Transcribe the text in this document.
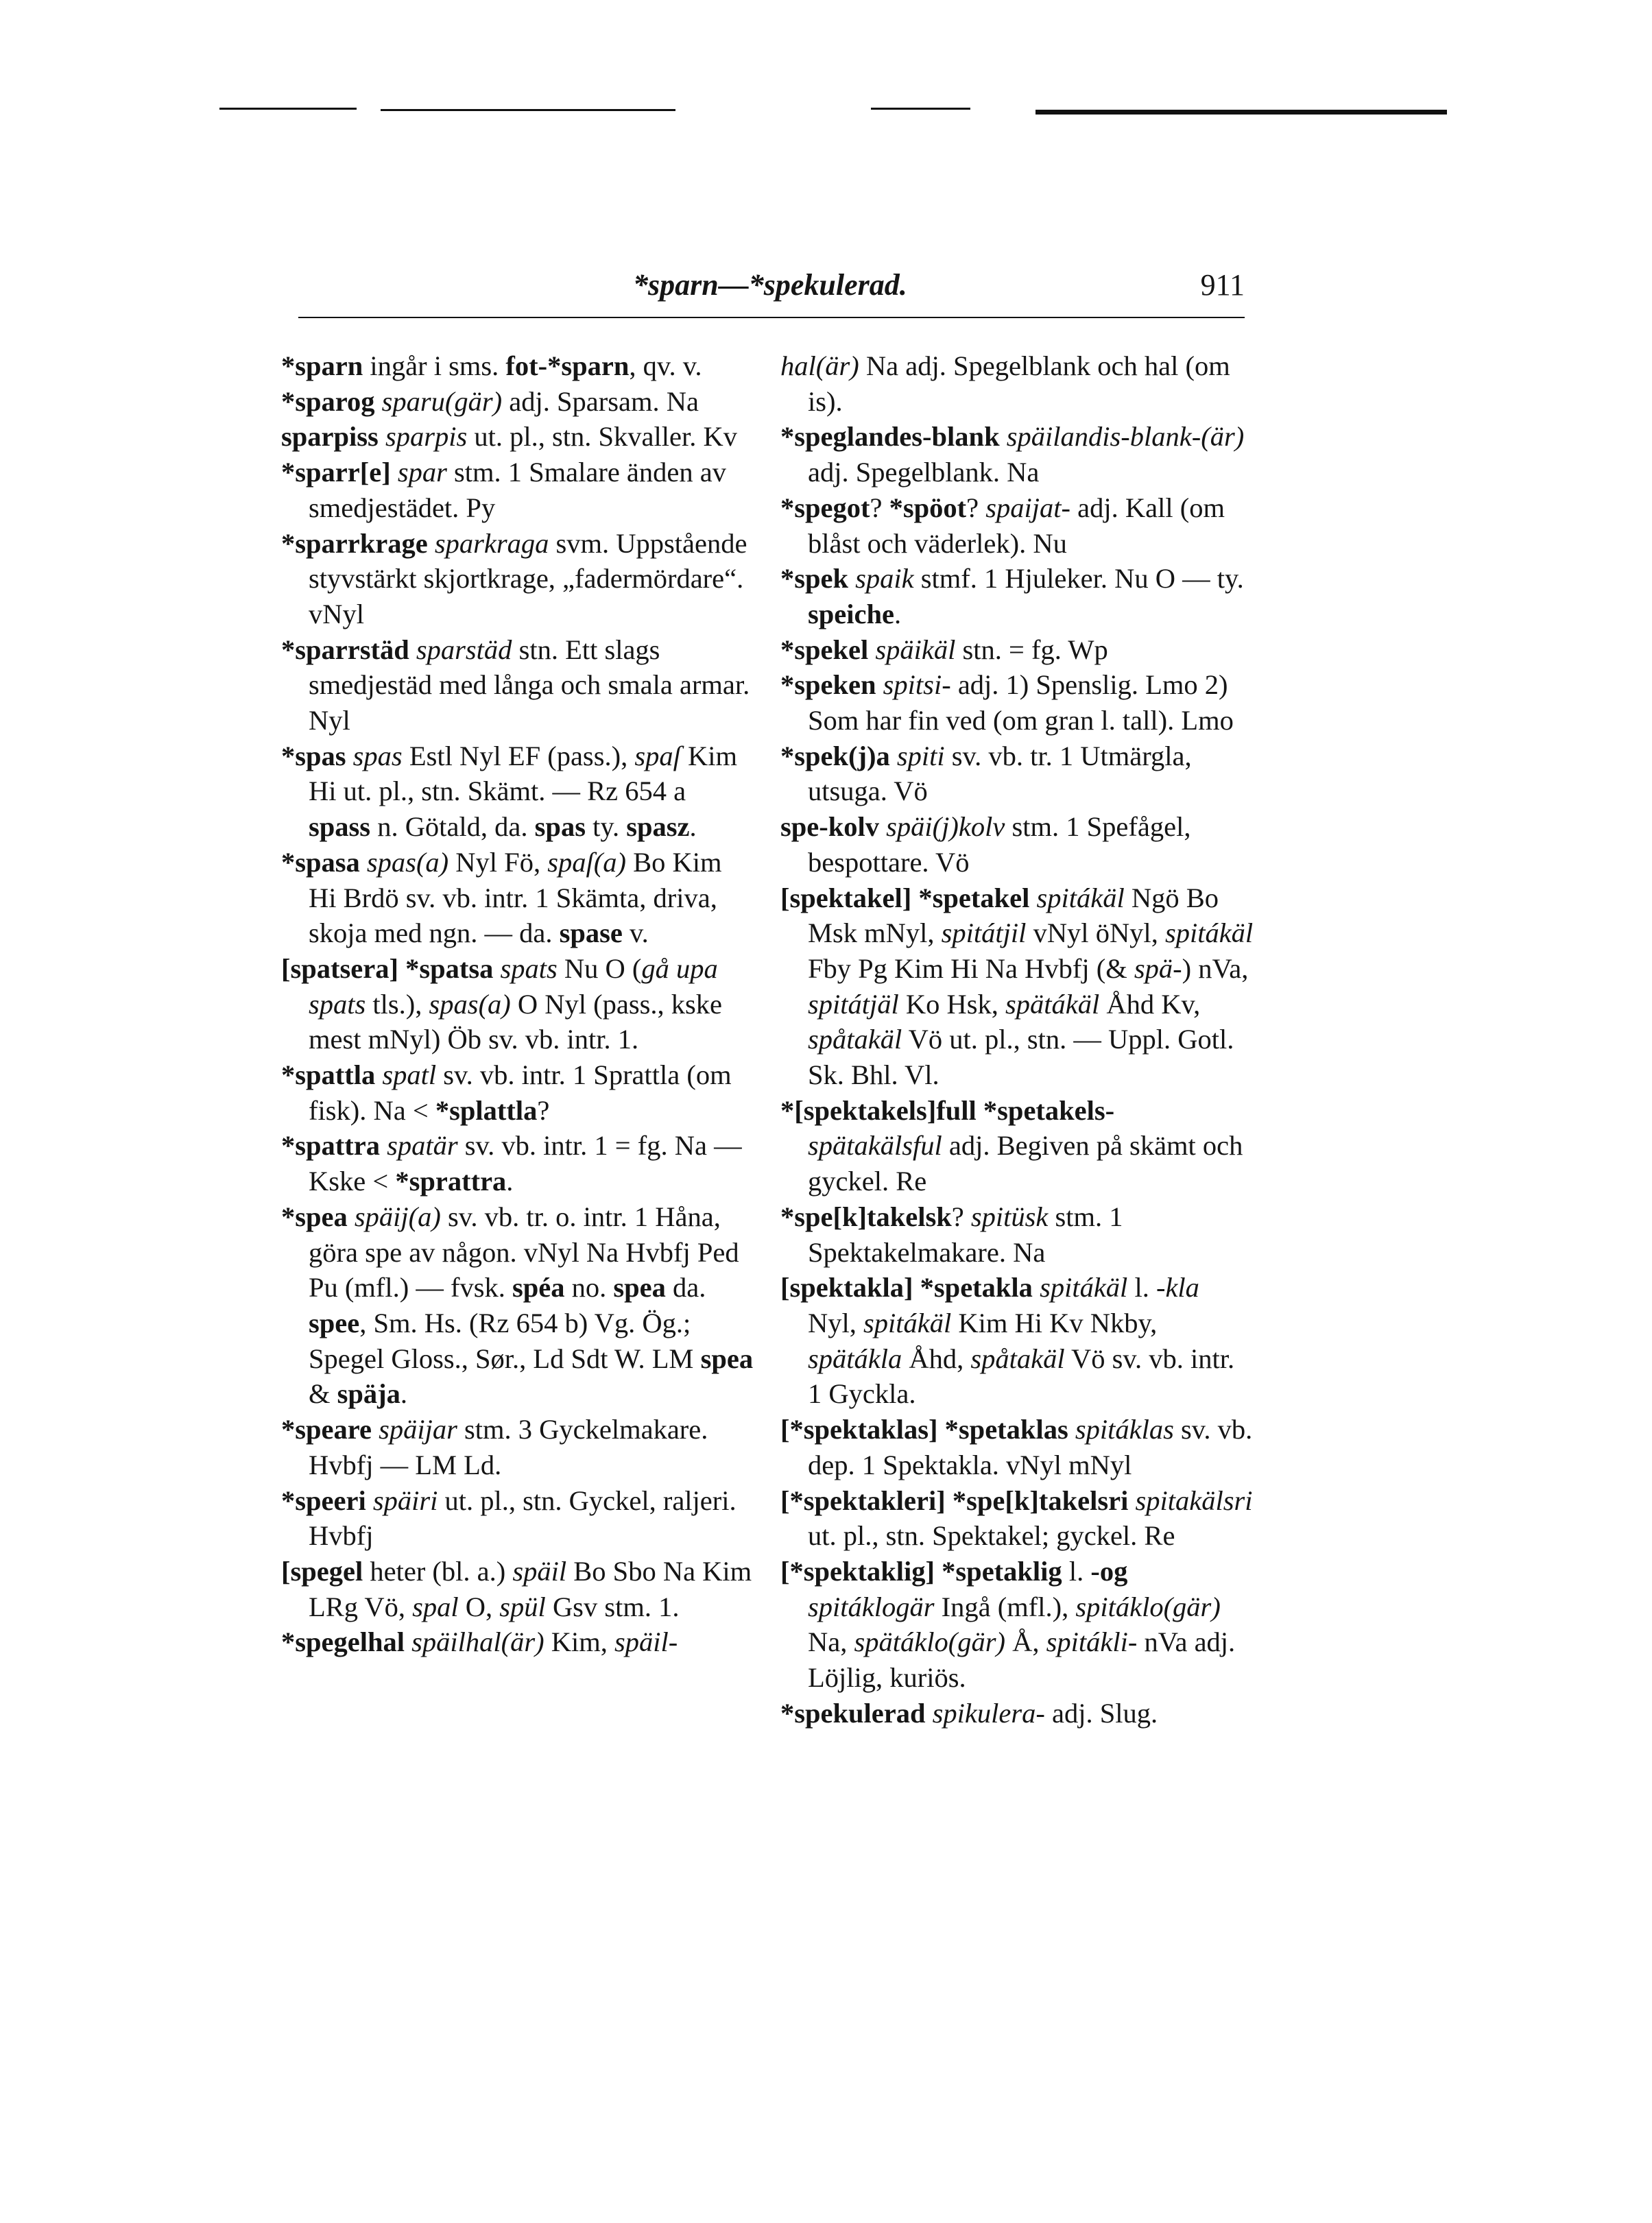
*sparn—*spekulerad.	911
*sparn ingår i sms. fot-*sparn, qv. v.
*sparog sparu(gär) adj. Sparsam. Na
sparpiss sparpis ut. pl., stn. Skvaller. Kv
*sparr[e] spar stm. 1 Smalare änden av smedjestädet. Py
*sparrkrage sparkraga svm. Uppstående styvstärkt skjortkrage, „fadermördare“. vNyl
*sparrstäd sparstäd stn. Ett slags smedjestäd med långa och smala armar. Nyl
*spas spas Estl Nyl EF (pass.), spaſ Kim Hi ut. pl., stn. Skämt. — Rz 654 a spass n. Götald, da. spas ty. spasz.
*spasa spas(a) Nyl Fö, spaſ(a) Bo Kim Hi Brdö sv. vb. intr. 1 Skämta, driva, skoja med ngn. — da. spase v.
[spatsera] *spatsa spats Nu O (gå upa spats tls.), spas(a) O Nyl (pass., kske mest mNyl) Öb sv. vb. intr. 1.
*spattla spatl sv. vb. intr. 1 Sprattla (om fisk). Na < *splattla?
*spattra spatär sv. vb. intr. 1 = fg. Na — Kske < *sprattra.
*spea späij(a) sv. vb. tr. o. intr. 1 Håna, göra spe av någon. vNyl Na Hvbfj Ped Pu (mfl.) — fvsk. spéa no. spea da. spee, Sm. Hs. (Rz 654 b) Vg. Ög.; Spegel Gloss., Sør., Ld Sdt W. LM spea & späja.
*speare späijar stm. 3 Gyckelmakare. Hvbfj — LM Ld.
*speeri späiri ut. pl., stn. Gyckel, raljeri. Hvbfj
[spegel heter (bl. a.) späil Bo Sbo Na Kim LRg Vö, spal O, spül Gsv stm. 1.
*spegelhal späilhal(är) Kim, späil-
hal(är) Na adj. Spegelblank och hal (om is).
*speglandes-blank späilandis-blank-(är) adj. Spegelblank. Na
*spegot? *spöot? spaijat- adj. Kall (om blåst och väderlek). Nu
*spek spaik stmf. 1 Hjuleker. Nu O — ty. speiche.
*spekel späikäl stn. = fg. Wp
*speken spitsi- adj. 1) Spenslig. Lmo 2) Som har fin ved (om gran l. tall). Lmo
*spek(j)a spiti sv. vb. tr. 1 Utmärgla, utsuga. Vö
spe-kolv späi(j)kolv stm. 1 Spefågel, bespottare. Vö
[spektakel] *spetakel spitákäl Ngö Bo Msk mNyl, spitátjil vNyl öNyl, spitákäl Fby Pg Kim Hi Na Hvbfj (& spä-) nVa, spitátjäl Ko Hsk, spätákäl Åhd Kv, spåtakäl Vö ut. pl., stn. — Uppl. Gotl. Sk. Bhl. Vl.
*[spektakels]full *spetakels- spätakälsful adj. Begiven på skämt och gyckel. Re
*spe[k]takelsk? spitüsk stm. 1 Spektakelmakare. Na
[spektakla] *spetakla spitákäl l. -kla Nyl, spitákäl Kim Hi Kv Nkby, spätákla Åhd, spåtakäl Vö sv. vb. intr. 1 Gyckla.
[*spektaklas] *spetaklas spitáklas sv. vb. dep. 1 Spektakla. vNyl mNyl
[*spektakleri] *spe[k]takelsri spitakälsri ut. pl., stn. Spektakel; gyckel. Re
[*spektaklig] *spetaklig l. -og spitáklogär Ingå (mfl.), spitáklo(gär) Na, spätáklo(gär) Å, spitákli- nVa adj. Löjlig, kuriös.
*spekulerad spikulera- adj. Slug.
